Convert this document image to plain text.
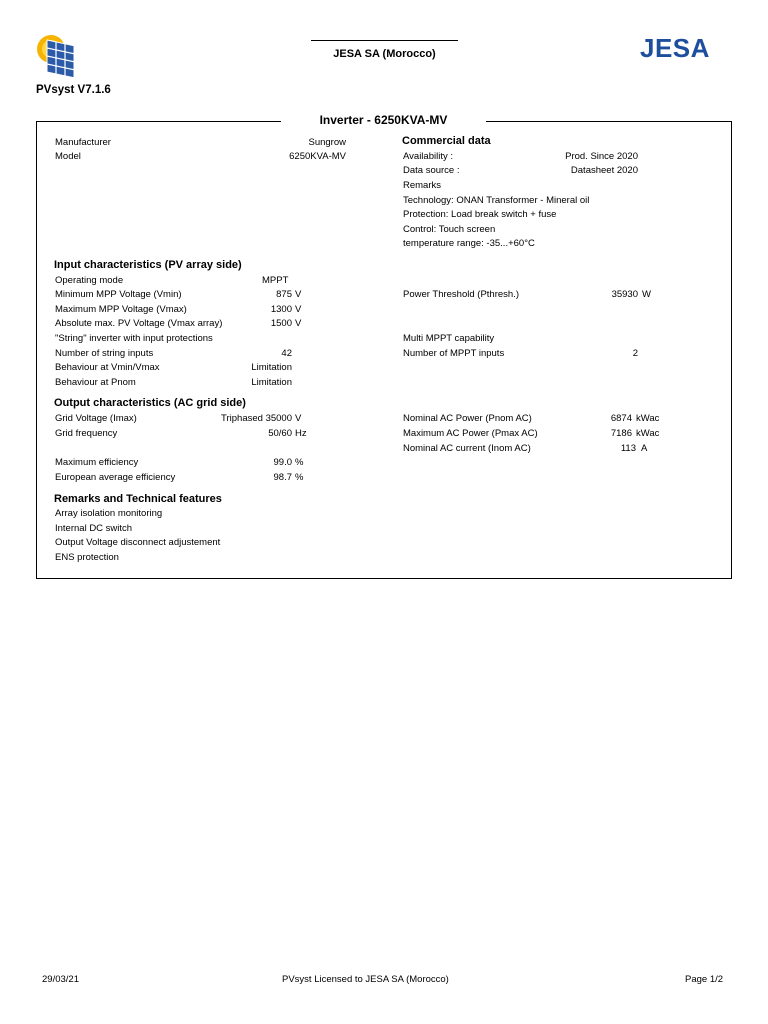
JESA SA (Morocco)	JESA
PVsyst V7.1.6
Inverter - 6250KVA-MV
Manufacturer	Sungrow
Model	6250KVA-MV
Commercial data
Availability :	Prod. Since 2020
Data source :	Datasheet 2020
Remarks
Technology: ONAN Transformer - Mineral oil
Protection: Load break switch + fuse
Control: Touch screen
temperature range: -35...+60°C
Input characteristics (PV array side)
Operating mode	MPPT
Minimum MPP Voltage (Vmin)	875 V
Maximum MPP Voltage (Vmax)	1300 V
Absolute max. PV Voltage (Vmax array)	1500 V
"String" inverter with input protections
Number of string inputs	42
Behaviour at Vmin/Vmax	Limitation
Behaviour at Pnom	Limitation
Power Threshold (Pthresh.)	35930 W
Multi MPPT capability
Number of MPPT inputs	2
Output characteristics (AC grid side)
Grid Voltage (Imax)	Triphased 35000 V
Grid frequency	50/60 Hz
Maximum efficiency	99.0 %
European average efficiency	98.7 %
Nominal AC Power (Pnom AC)	6874 kWac
Maximum AC Power (Pmax AC)	7186 kWac
Nominal AC current (Inom AC)	113 A
Remarks and Technical features
Array isolation monitoring
Internal DC switch
Output Voltage disconnect adjustement
ENS protection
29/03/21	PVsyst Licensed to JESA SA (Morocco)	Page 1/2
